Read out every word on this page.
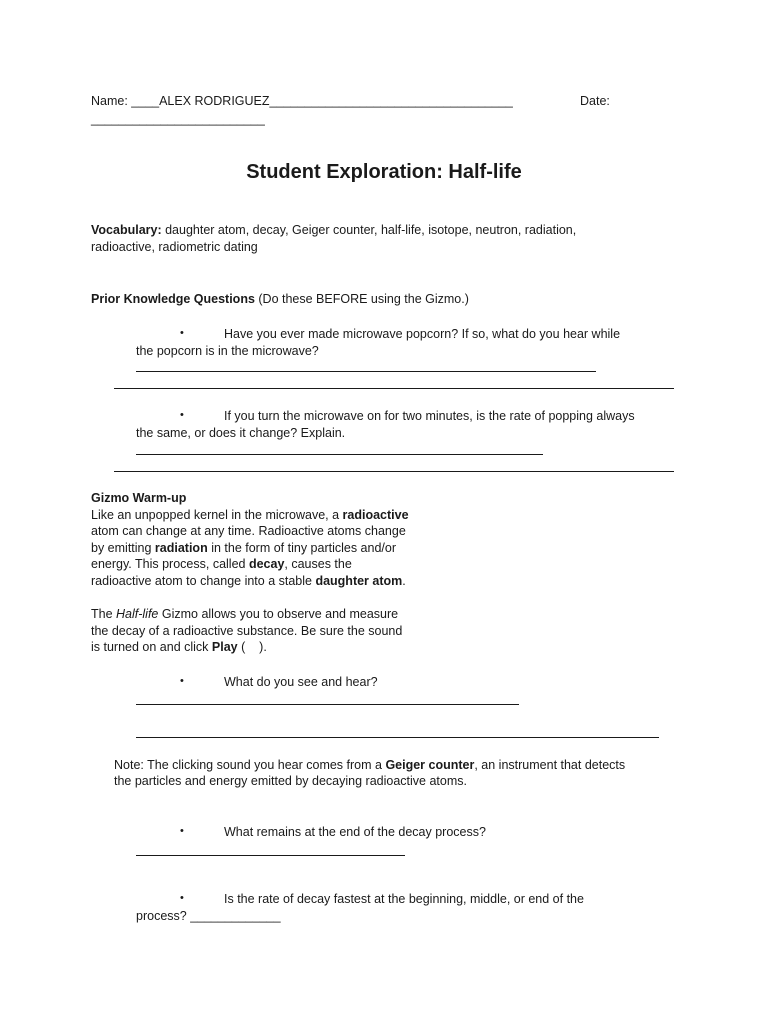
Name: ____ALEX RODRIGUEZ___________________________________	Date:
_________________________
Student Exploration: Half-life
Vocabulary: daughter atom, decay, Geiger counter, half-life, isotope, neutron, radiation,
radioactive, radiometric dating
Prior Knowledge Questions (Do these BEFORE using the Gizmo.)
•	Have you ever made microwave popcorn? If so, what do you hear while
the popcorn is in the microwave?
•	If you turn the microwave on for two minutes, is the rate of popping always
the same, or does it change? Explain.
Gizmo Warm-up
Like an unpopped kernel in the microwave, a radioactive
atom can change at any time. Radioactive atoms change
by emitting radiation in the form of tiny particles and/or
energy. This process, called decay, causes the
radioactive atom to change into a stable daughter atom.
The Half-life Gizmo allows you to observe and measure
the decay of a radioactive substance. Be sure the sound
is turned on and click Play (    ).
•	What do you see and hear?
Note: The clicking sound you hear comes from a Geiger counter, an instrument that detects
the particles and energy emitted by decaying radioactive atoms.
•	What remains at the end of the decay process?
•	Is the rate of decay fastest at the beginning, middle, or end of the
process? _____________
